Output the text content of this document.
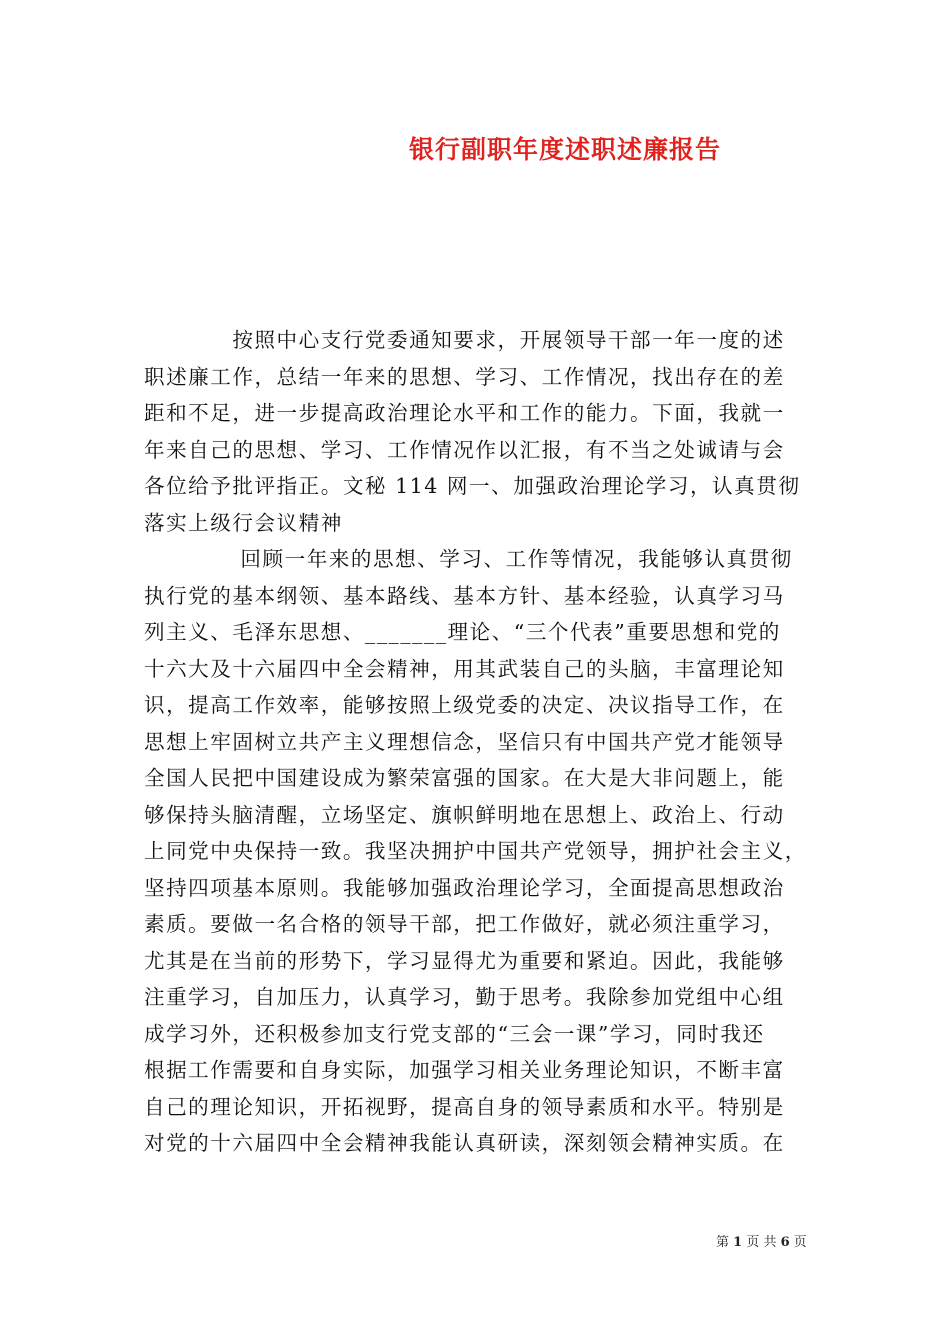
银行副职年度述职述廉报告
　　　　按照中心支行党委通知要求，开展领导干部一年一度的述
职述廉工作，总结一年来的思想、学习、工作情况，找出存在的差
距和不足，进一步提高政治理论水平和工作的能力。下面，我就一
年来自己的思想、学习、工作情况作以汇报，有不当之处诚请与会
各位给予批评指正。文秘 114 网一、加强政治理论学习，认真贯彻
落实上级行会议精神
　　　　 回顾一年来的思想、学习、工作等情况，我能够认真贯彻
执行党的基本纲领、基本路线、基本方针、基本经验，认真学习马
列主义、毛泽东思想、_______理论、“三个代表”重要思想和党的
十六大及十六届四中全会精神，用其武装自己的头脑，丰富理论知
识，提高工作效率，能够按照上级党委的决定、决议指导工作，在
思想上牢固树立共产主义理想信念，坚信只有中国共产党才能领导
全国人民把中国建设成为繁荣富强的国家。在大是大非问题上，能
够保持头脑清醒，立场坚定、旗帜鲜明地在思想上、政治上、行动
上同党中央保持一致。我坚决拥护中国共产党领导，拥护社会主义，
坚持四项基本原则。我能够加强政治理论学习，全面提高思想政治
素质。要做一名合格的领导干部，把工作做好，就必须注重学习，
尤其是在当前的形势下，学习显得尤为重要和紧迫。因此，我能够
注重学习，自加压力，认真学习，勤于思考。我除参加党组中心组
成学习外，还积极参加支行党支部的“三会一课”学习，同时我还
根据工作需要和自身实际，加强学习相关业务理论知识，不断丰富
自己的理论知识，开拓视野，提高自身的领导素质和水平。特别是
对党的十六届四中全会精神我能认真研读，深刻领会精神实质。在
第 1 页 共 6 页
